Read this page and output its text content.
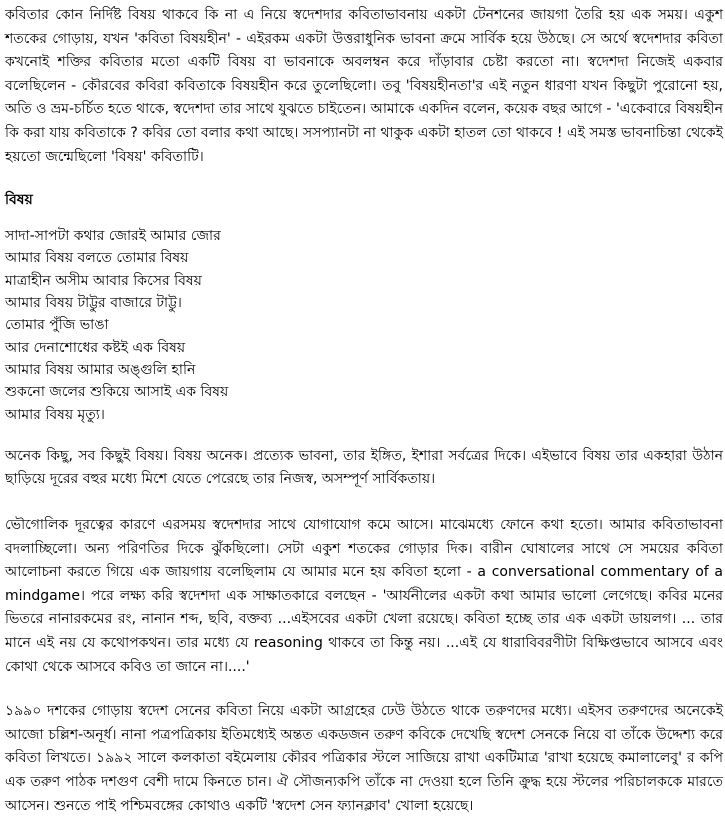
কবিতার কোন নির্দিষ্ট বিষয় থাকবে কি না এ নিয়ে স্বদেশদার কবিতাভাবনায় একটা টেনশনের জায়গা তৈরি হয় এক সময়। একুশ শতকের গোড়ায়, যখন 'কবিতা বিষয়হীন' - এইরকম একটা উত্তরাধুনিক ভাবনা ক্রমে সার্বিক হয়ে উঠছে। সে অর্থে স্বদেশদার কবিতা কখনোই শক্তির কবিতার মতো একটি বিষয় বা ভাবনাকে অবলম্বন করে দাঁড়াবার চেষ্টা করতো না। স্বদেশদা নিজেই একবার বলেছিলেন - কৌরবের কবিরা কবিতাকে বিষয়হীন করে তুলেছিলো। তবু 'বিষয়হীনতা'র এই নতুন ধারণা যখন কিছুটা পুরোনো হয়, অতি ও ভ্রম-চর্চিত হতে থাকে, স্বদেশদা তার সাথে যুঝতে চাইতেন। আমাকে একদিন বলেন, কয়েক বছর আগে - 'একেবারে বিষয়হীন কি করা যায় কবিতাকে ? কবির তো বলার কথা আছে। সসপ্যানটা না থাকুক একটা হাতল তো থাকবে ! এই সমস্ত ভাবনাচিন্তা থেকেই হয়তো জন্মেছিলো 'বিষয়' কবিতাটি।

বিষয়

সাদা-সাপটা কথার জোরই আমার জোর
আমার বিষয় বলতে তোমার বিষয়
মাত্রাহীন অসীম আবার কিসের বিষয়
আমার বিষয় টাট্টুর বাজারে টাট্টু।
তোমার পুঁজি ভাঙা
আর দেনাশোধের কষ্টই এক বিষয়
আমার বিষয় আমার অঙ্গুলি হানি
শুকনো জলের শুকিয়ে আসাই এক বিষয়
আমার বিষয় মৃত্যু।

অনেক কিছু, সব কিছুই বিষয়। বিষয় অনেক। প্রত্যেক ভাবনা, তার ইঙ্গিত, ইশারা সর্বত্রের দিকে। এইভাবে বিষয় তার একহারা উঠান ছাড়িয়ে দূরের বহুর মধ্যে মিশে যেতে পেরেছে তার নিজস্ব, অসম্পূর্ণ সার্বিকতায়।

ভৌগোলিক দূরত্বের কারণে এরসময় স্বদেশদার সাথে যোগাযোগ কমে আসে। মাঝেমধ্যে ফোনে কথা হতো। আমার কবিতাভাবনা বদলাচ্ছিলো। অন্য পরিণতির দিকে ঝুঁকছিলো। সেটা একুশ শতকের গোড়ার দিক। বারীন ঘোষালের সাথে সে সময়ের কবিতা আলোচনা করতে গিয়ে এক জায়গায় বলেছিলাম যে আমার মনে হয় কবিতা হলো - a conversational commentary of a mindgame। পরে লক্ষ্য করি স্বদেশদা এক সাক্ষাতকারে বলছেন - 'আর্যনীলের একটা কথা আমার ভালো লেগেছে। কবির মনের ভিতরে নানারকমের রং, নানান শব্দ, ছবি, বক্তব্য ...এইসবের একটা খেলা রয়েছে। কবিতা হচ্ছে তার এক একটা ডায়লগ। ... তার মানে এই নয় যে কথোপকথন। তার মধ্যে যে reasoning থাকবে তা কিন্তু নয়। ...এই যে ধারাবিবরণীটা বিক্ষিপ্তভাবে আসবে এবং কোথা থেকে আসবে কবিও তা জানে না।....'

১৯৯০ দশকের গোড়ায় স্বদেশ সেনের কবিতা নিয়ে একটা আগ্রহের ঢেউ উঠতে থাকে তরুণদের মধ্যে। এইসব তরুণদের অনেকেই আজো চল্লিশ-অনূর্ধ। নানা পত্রপত্রিকায় ইতিমধ্যেই অন্তত একডজন তরুণ কবিকে দেখেছি স্বদেশ সেনকে নিয়ে বা তাঁকে উদ্দেশ্য করে কবিতা লিখতে। ১৯৯২ সালে কলকাতা বইমেলায় কৌরব পত্রিকার স্টলে সাজিয়ে রাখা একটিমাত্র 'রাখা হয়েছে কমালালেবু' র কপি এক তরুণ পাঠক দশগুণ বেশী দামে কিনতে চান। ঐ সৌজন্যকপি তাঁকে না দেওয়া হলে তিনি ক্রুদ্ধ হয়ে স্টলের পরিচালককে মারতে আসেন। শুনতে পাই পশ্চিমবঙ্গের কোথাও একটি 'স্বদেশ সেন ফ্যানক্লাব' খোলা হয়েছে।
